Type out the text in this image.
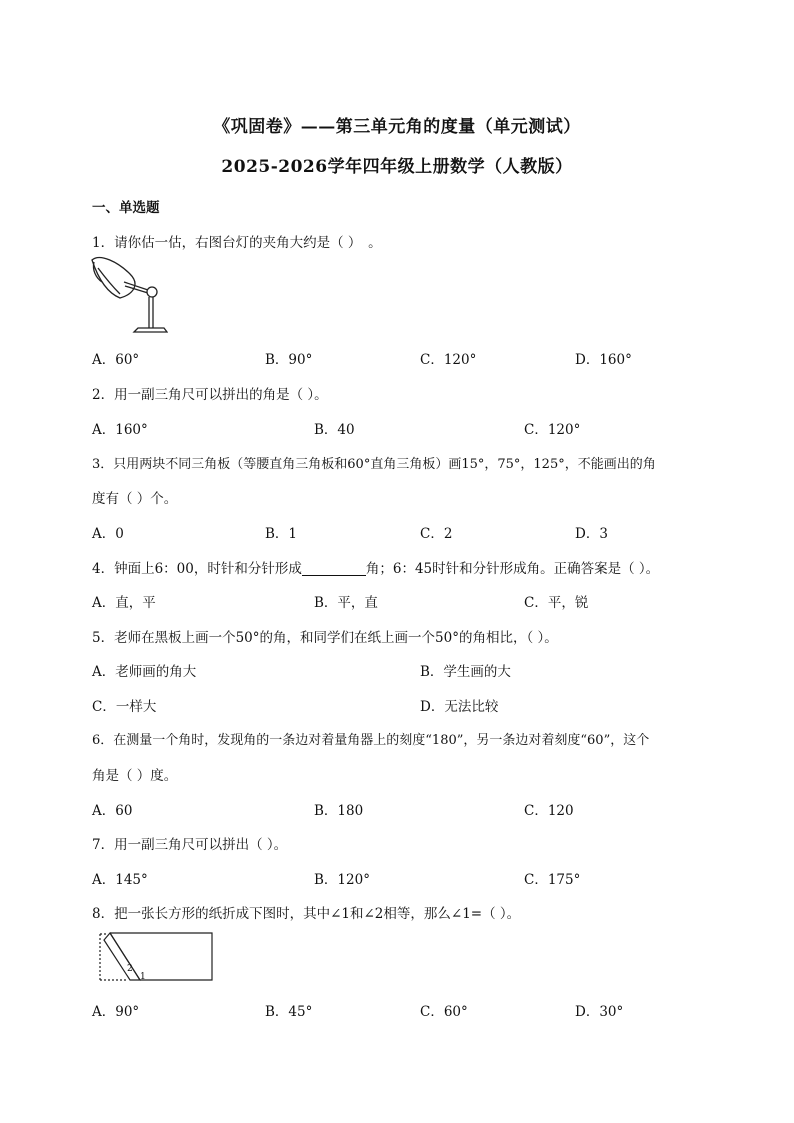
《巩固卷》——第三单元角的度量（单元测试）
2025-2026学年四年级上册数学（人教版）
一、单选题
1．请你估一估，右图台灯的夹角大约是（ ）　。
A．60°	B．90°	C．120°	D．160°
2．用一副三角尺可以拼出的角是（ ）。
A．160°	B．40	C．120°
3．只用两块不同三角板（等腰直角三角板和60°直角三角板）画15°，75°，125°，不能画出的角
度有（ ）个。
A．0	B．1	C．2	D．3
4．钟面上6：00，时针和分针形成	角；6：45时针和分针形成角。正确答案是（ ）。
A．直，平	B．平，直	C．平，锐
5．老师在黑板上画一个50°的角，和同学们在纸上画一个50°的角相比，（ ）。
A．老师画的角大	B．学生画的大
C．一样大	D．无法比较
6．在测量一个角时，发现角的一条边对着量角器上的刻度“180”，另一条边对着刻度“60”，这个
角是（ ）度。
A．60	B．180	C．120
7．用一副三角尺可以拼出（ ）。
A．145°	B．120°	C．175°
8．把一张长方形的纸折成下图时，其中∠1和∠2相等，那么∠1=（ ）。
2
1
A．90°	B．45°	C．60°	D．30°
